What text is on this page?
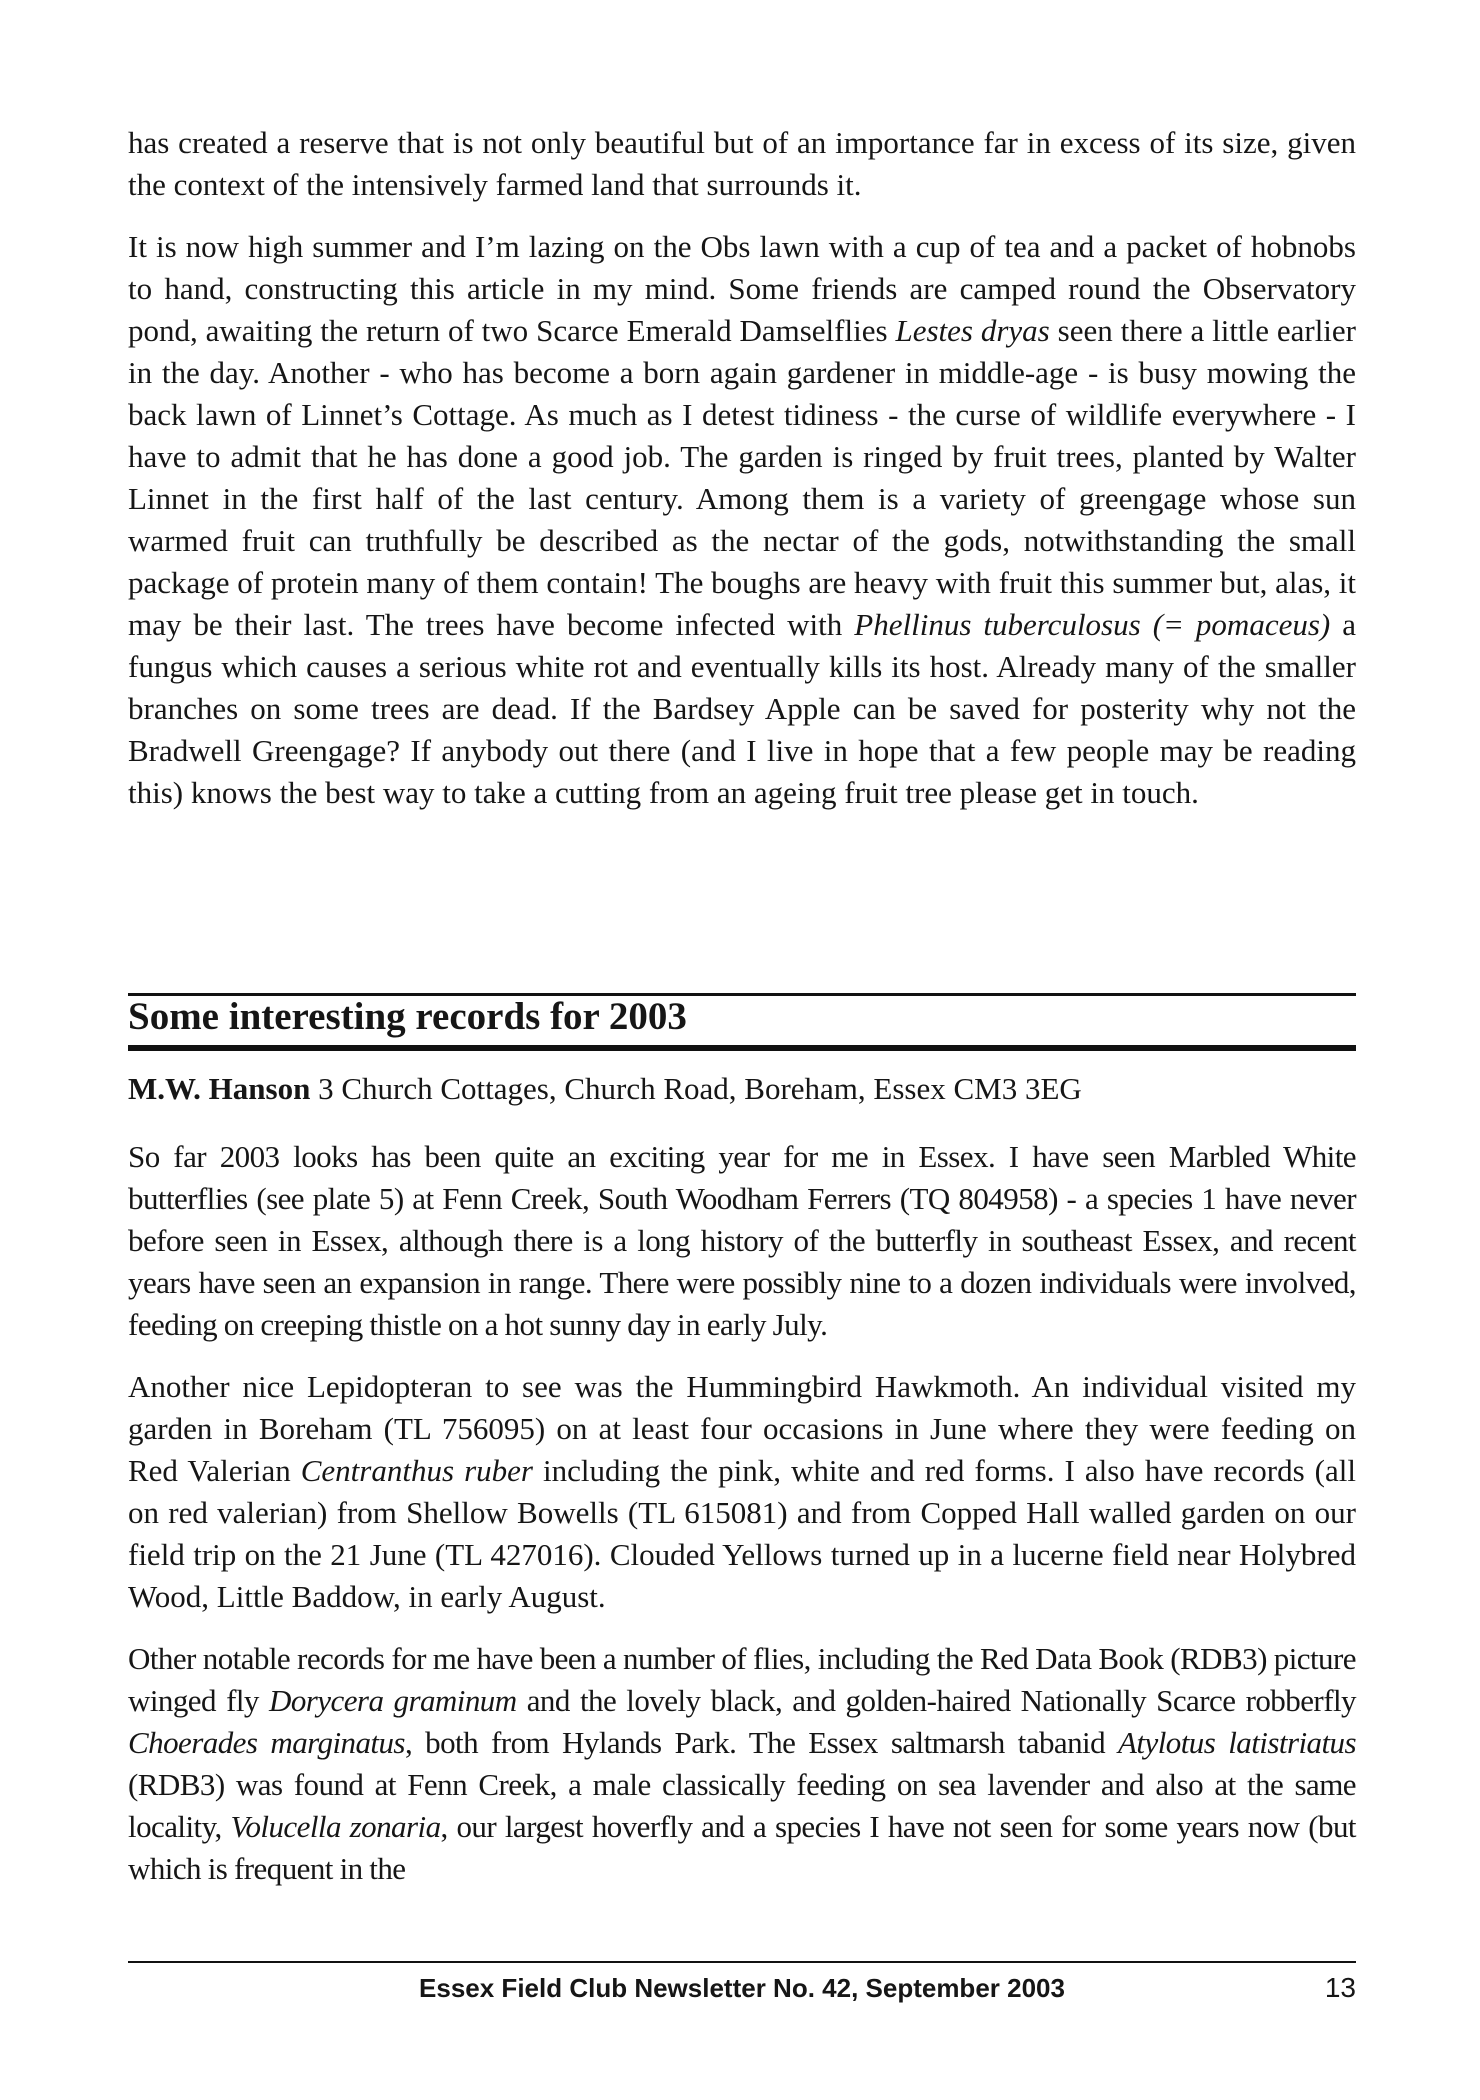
has created a reserve that is not only beautiful but of an importance far in excess of its size, given the context of the intensively farmed land that surrounds it.

It is now high summer and I’m lazing on the Obs lawn with a cup of tea and a packet of hobnobs to hand, constructing this article in my mind. Some friends are camped round the Observatory pond, awaiting the return of two Scarce Emerald Damselflies Lestes dryas seen there a little earlier in the day. Another - who has become a born again gardener in middle-age - is busy mowing the back lawn of Linnet’s Cottage. As much as I detest tidiness - the curse of wildlife everywhere - I have to admit that he has done a good job. The garden is ringed by fruit trees, planted by Walter Linnet in the first half of the last century. Among them is a variety of greengage whose sun warmed fruit can truthfully be described as the nectar of the gods, notwithstanding the small package of protein many of them contain! The boughs are heavy with fruit this summer but, alas, it may be their last. The trees have become infected with Phellinus tuberculosus (= pomaceus) a fungus which causes a serious white rot and eventually kills its host. Already many of the smaller branches on some trees are dead. If the Bardsey Apple can be saved for posterity why not the Bradwell Greengage? If anybody out there (and I live in hope that a few people may be reading this) knows the best way to take a cutting from an ageing fruit tree please get in touch.

Some interesting records for 2003

M.W. Hanson 3 Church Cottages, Church Road, Boreham, Essex CM3 3EG

So far 2003 looks has been quite an exciting year for me in Essex. I have seen Marbled White butterflies (see plate 5) at Fenn Creek, South Woodham Ferrers (TQ 804958) - a species 1 have never before seen in Essex, although there is a long history of the butterfly in southeast Essex, and recent years have seen an expansion in range. There were possibly nine to a dozen individuals were involved, feeding on creeping thistle on a hot sunny day in early July.

Another nice Lepidopteran to see was the Hummingbird Hawkmoth. An individual visited my garden in Boreham (TL 756095) on at least four occasions in June where they were feeding on Red Valerian Centranthus ruber including the pink, white and red forms. I also have records (all on red valerian) from Shellow Bowells (TL 615081) and from Copped Hall walled garden on our field trip on the 21 June (TL 427016). Clouded Yellows turned up in a lucerne field near Holybred Wood, Little Baddow, in early August.

Other notable records for me have been a number of flies, including the Red Data Book (RDB3) picture winged fly Dorycera graminum and the lovely black, and golden-haired Nationally Scarce robberfly Choerades marginatus, both from Hylands Park. The Essex saltmarsh tabanid Atylotus latistriatus (RDB3) was found at Fenn Creek, a male classically feeding on sea lavender and also at the same locality, Volucella zonaria, our largest hoverfly and a species I have not seen for some years now (but which is frequent in the

Essex Field Club Newsletter No. 42, September 2003	13
